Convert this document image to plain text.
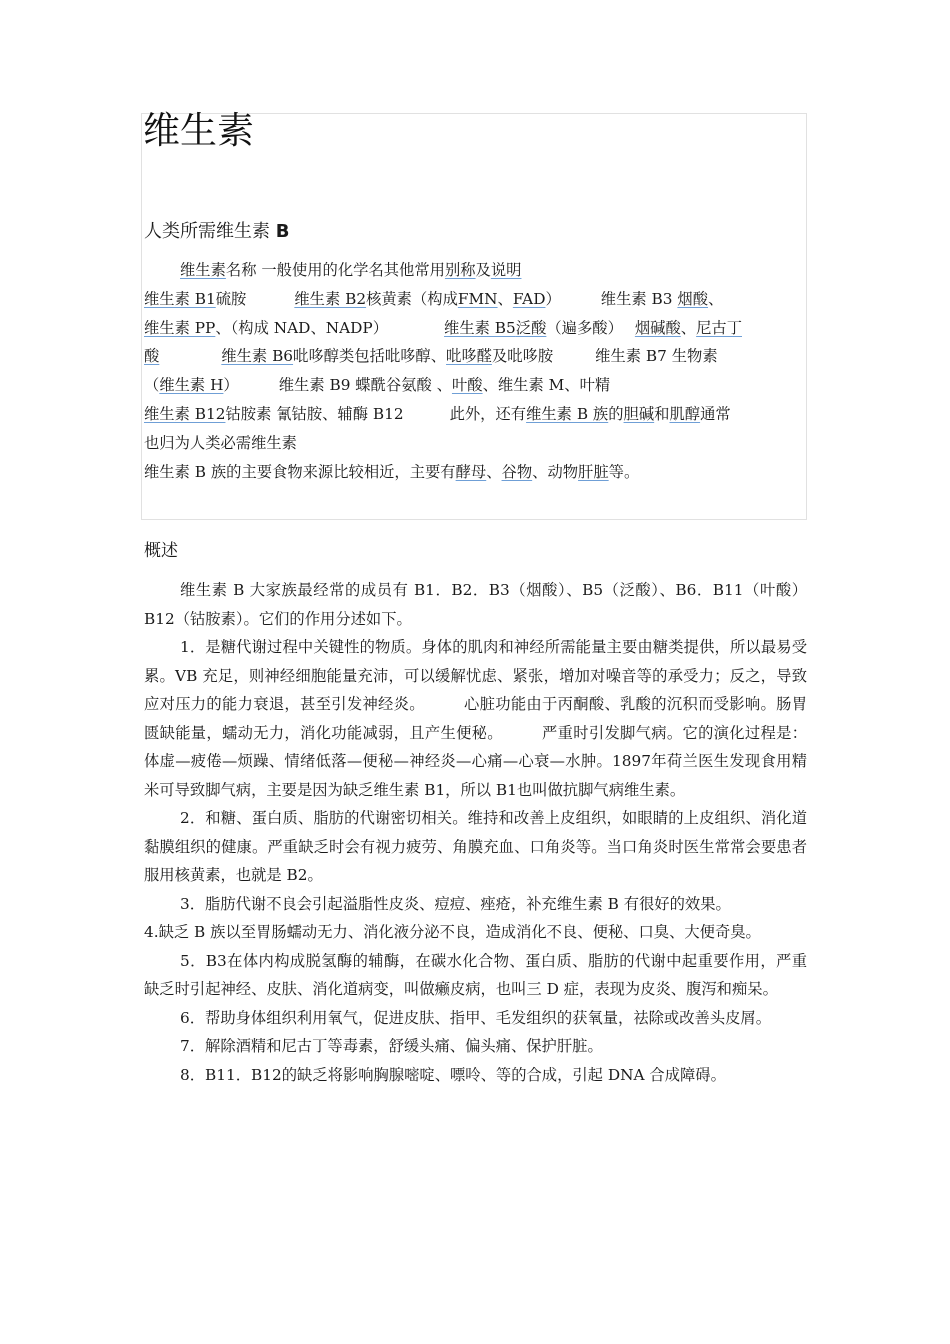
维生素
人类所需维生素 B

维生素名称 一般使用的化学名其他常用别称及说明

维生素 B1硫胺	维生素 B2核黄素（构成FMN、FAD）	维生素 B3 烟酸、
维生素 PP、（构成 NAD、NADP）	维生素 B5泛酸（遍多酸） 烟碱酸、尼古丁
酸	维生素 B6吡哆醇类包括吡哆醇、吡哆醛及吡哆胺	维生素 B7 生物素
（维生素 H）	维生素 B9 蝶酰谷氨酸 、叶酸、维生素 M、叶精
维生素 B12钴胺素 氰钴胺、辅酶 B12	此外，还有维生素 B 族的胆碱和肌醇通常
也归为人类必需维生素
维生素 B 族的主要食物来源比较相近，主要有酵母、谷物、动物肝脏等。

概述

维生素 B 大家族最经常的成员有 B1．B2．B3（烟酸）、B5（泛酸）、B6．B11（叶酸）B12（钴胺素）。它们的作用分述如下。

1．是糖代谢过程中关键性的物质。身体的肌肉和神经所需能量主要由糖类提供，所以最易受累。VB 充足，则神经细胞能量充沛，可以缓解忧虑、紧张，增加对噪音等的承受力；反之，导致应对压力的能力衰退，甚至引发神经炎。　　　心脏功能由于丙酮酸、乳酸的沉积而受影响。肠胃匮缺能量，蠕动无力，消化功能减弱，且产生便秘。　　　严重时引发脚气病。它的演化过程是：体虚—疲倦—烦躁、情绪低落—便秘—神经炎—心痛—心衰—水肿。1897年荷兰医生发现食用精米可导致脚气病，主要是因为缺乏维生素 B1，所以 B1也叫做抗脚气病维生素。

2．和糖、蛋白质、脂肪的代谢密切相关。维持和改善上皮组织，如眼睛的上皮组织、消化道黏膜组织的健康。严重缺乏时会有视力疲劳、角膜充血、口角炎等。当口角炎时医生常常会要患者服用核黄素，也就是 B2。

3．脂肪代谢不良会引起溢脂性皮炎、痘痘、痤疮，补充维生素 B 有很好的效果。

4.缺乏 B 族以至胃肠蠕动无力、消化液分泌不良，造成消化不良、便秘、口臭、大便奇臭。

5．B3在体内构成脱氢酶的辅酶，在碳水化合物、蛋白质、脂肪的代谢中起重要作用，严重缺乏时引起神经、皮肤、消化道病变，叫做癞皮病，也叫三 D 症，表现为皮炎、腹泻和痴呆。

6．帮助身体组织利用氧气，促进皮肤、指甲、毛发组织的获氧量，祛除或改善头皮屑。

7．解除酒精和尼古丁等毒素，舒缓头痛、偏头痛、保护肝脏。

8．B11．B12的缺乏将影响胸腺嘧啶、嘌呤、等的合成，引起 DNA 合成障碍。
